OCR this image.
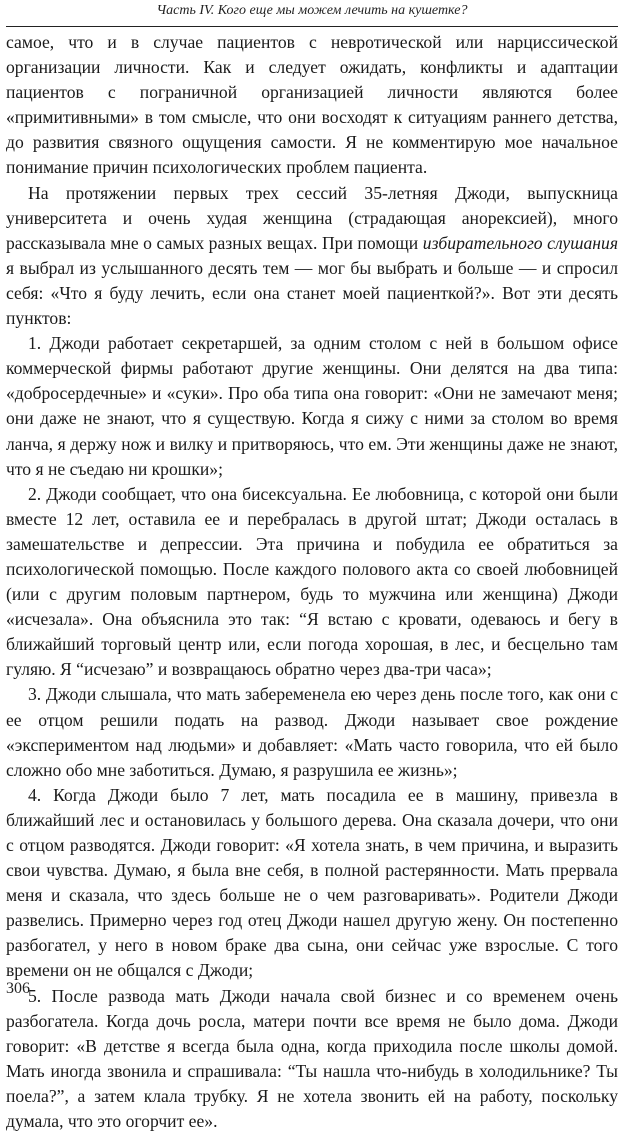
Часть IV. Кого еще мы можем лечить на кушетке?

самое, что и в случае пациентов с невротической или нарциссической организации личности. Как и следует ожидать, конфликты и адаптации пациентов с пограничной организацией личности являются более «примитивными» в том смысле, что они восходят к ситуациям раннего детства, до развития связного ощущения самости. Я не комментирую мое начальное понимание причин психологических проблем пациента.

На протяжении первых трех сессий 35-летняя Джоди, выпускница университета и очень худая женщина (страдающая анорексией), много рассказывала мне о самых разных вещах. При помощи избирательного слушания я выбрал из услышанного десять тем — мог бы выбрать и больше — и спросил себя: «Что я буду лечить, если она станет моей пациенткой?». Вот эти десять пунктов:

1. Джоди работает секретаршей, за одним столом с ней в большом офисе коммерческой фирмы работают другие женщины. Они делятся на два типа: «добросердечные» и «суки». Про оба типа она говорит: «Они не замечают меня; они даже не знают, что я существую. Когда я сижу с ними за столом во время ланча, я держу нож и вилку и притворяюсь, что ем. Эти женщины даже не знают, что я не съедаю ни крошки»;

2. Джоди сообщает, что она бисексуальна. Ее любовница, с которой они были вместе 12 лет, оставила ее и перебралась в другой штат; Джоди осталась в замешательстве и депрессии. Эта причина и побудила ее обратиться за психологической помощью. После каждого полового акта со своей любовницей (или с другим половым партнером, будь то мужчина или женщина) Джоди «исчезала». Она объяснила это так: “Я встаю с кровати, одеваюсь и бегу в ближайший торговый центр или, если погода хорошая, в лес, и бесцельно там гуляю. Я “исчезаю” и возвращаюсь обратно через два-три часа»;

3. Джоди слышала, что мать забеременела ею через день после того, как они с ее отцом решили подать на развод. Джоди называет свое рождение «экспериментом над людьми» и добавляет: «Мать часто говорила, что ей было сложно обо мне заботиться. Думаю, я разрушила ее жизнь»;

4. Когда Джоди было 7 лет, мать посадила ее в машину, привезла в ближайший лес и остановилась у большого дерева. Она сказала дочери, что они с отцом разводятся. Джоди говорит: «Я хотела знать, в чем причина, и выразить свои чувства. Думаю, я была вне себя, в полной растерянности. Мать прервала меня и сказала, что здесь больше не о чем разговаривать». Родители Джоди развелись. Примерно через год отец Джоди нашел другую жену. Он постепенно разбогател, у него в новом браке два сына, они сейчас уже взрослые. С того времени он не общался с Джоди;

5. После развода мать Джоди начала свой бизнес и со временем очень разбогатела. Когда дочь росла, матери почти все время не было дома. Джоди говорит: «В детстве я всегда была одна, когда приходила после школы домой. Мать иногда звонила и спрашивала: “Ты нашла что-нибудь в холодильнике? Ты поела?”, а затем клала трубку. Я не хотела звонить ей на работу, поскольку думала, что это огорчит ее».

306
